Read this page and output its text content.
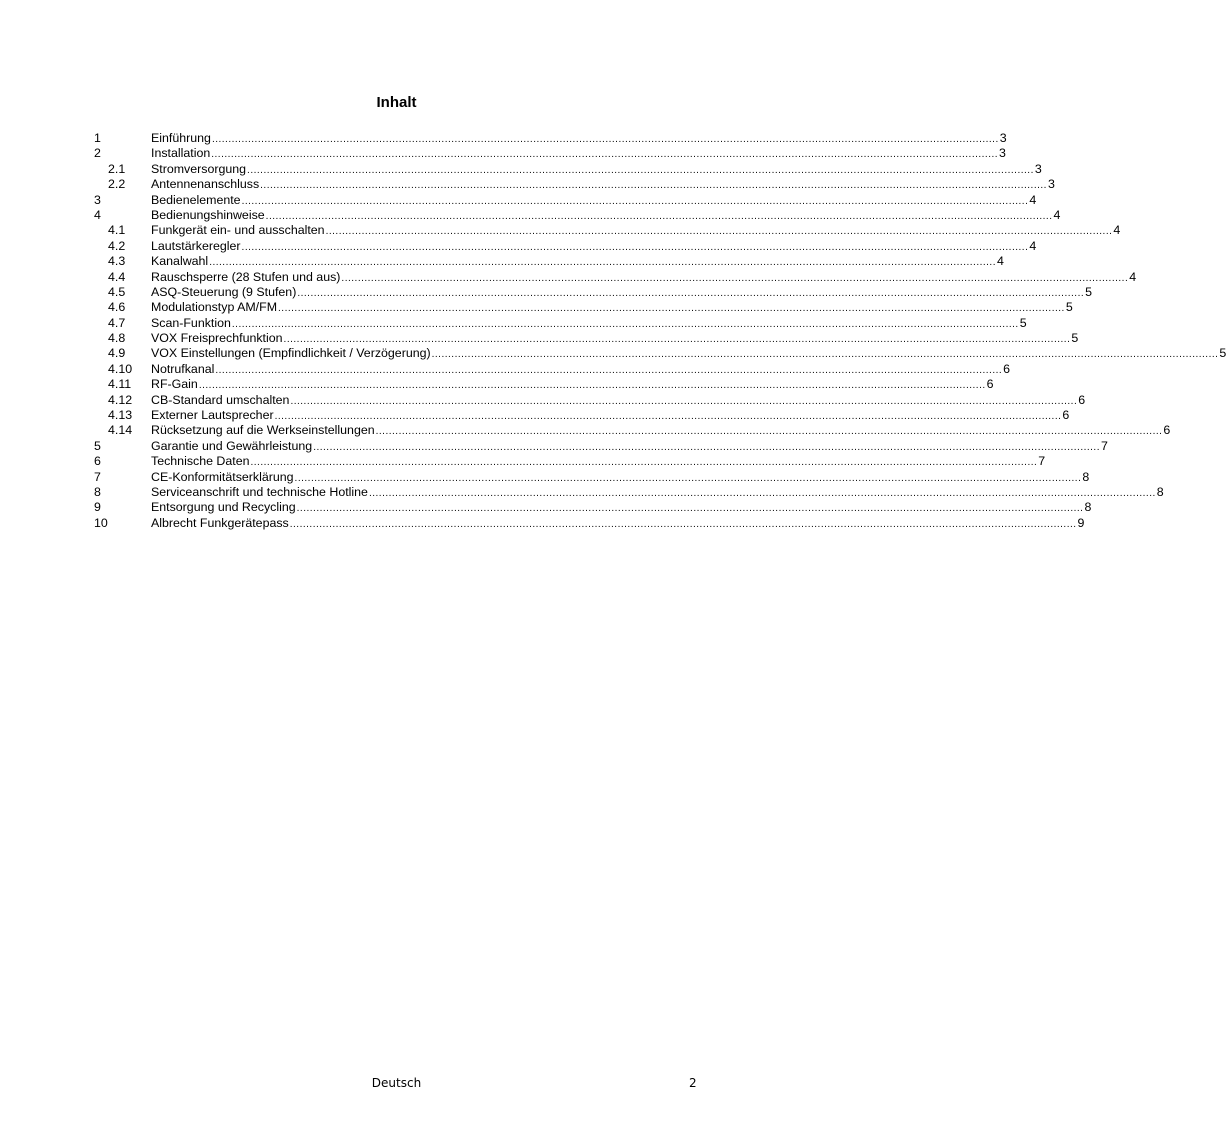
Inhalt
1	Einführung ................................................................................................................................................................................................................................................ 3
2	Installation ................................................................................................................................................................................................................................................ 3
2.1 Stromversorgung ................................................................................................................................................................................................................................................ 3
2.2 Antennenanschluss ................................................................................................................................................................................................................................................ 3
3	Bedienelemente ................................................................................................................................................................................................................................................ 4
4	Bedienungshinweise ................................................................................................................................................................................................................................................ 4
4.1 Funkgerät ein- und ausschalten ................................................................................................................................................................................................................................................ 4
4.2 Lautstärkeregler ................................................................................................................................................................................................................................................ 4
4.3 Kanalwahl ................................................................................................................................................................................................................................................ 4
4.4 Rauschsperre (28 Stufen und aus) ................................................................................................................................................................................................................................................ 4
4.5 ASQ-Steuerung (9 Stufen) ................................................................................................................................................................................................................................................ 5
4.6 Modulationstyp AM/FM ................................................................................................................................................................................................................................................ 5
4.7 Scan-Funktion ................................................................................................................................................................................................................................................ 5
4.8 VOX Freisprechfunktion ................................................................................................................................................................................................................................................ 5
4.9 VOX Einstellungen (Empfindlichkeit / Verzögerung) ................................................................................................................................................................................................................................................ 5
4.10 Notrufkanal ................................................................................................................................................................................................................................................ 6
4.11 RF-Gain ................................................................................................................................................................................................................................................ 6
4.12 CB-Standard umschalten ................................................................................................................................................................................................................................................ 6
4.13 Externer Lautsprecher ................................................................................................................................................................................................................................................ 6
4.14 Rücksetzung auf die Werkseinstellungen ................................................................................................................................................................................................................................................ 6
5	Garantie und Gewährleistung ................................................................................................................................................................................................................................................ 7
6	Technische Daten ................................................................................................................................................................................................................................................ 7
7	CE-Konformitätserklärung ................................................................................................................................................................................................................................................ 8
8	Serviceanschrift und technische Hotline ................................................................................................................................................................................................................................................ 8
9	Entsorgung und Recycling ................................................................................................................................................................................................................................................ 8
10	Albrecht Funkgerätepass ................................................................................................................................................................................................................................................ 9
Deutsch	2
